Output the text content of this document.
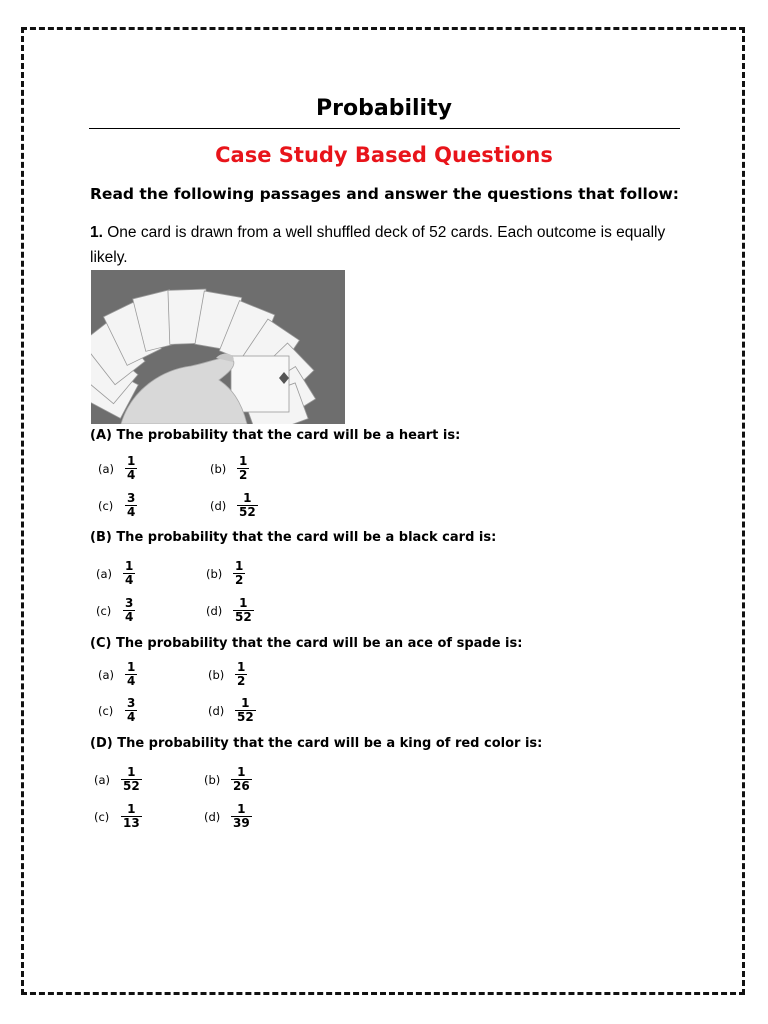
Probability
Case Study Based Questions
Read the following passages and answer the questions that follow:
1. One card is drawn from a well shuffled deck of 52 cards. Each outcome is equally likely.
(A) The probability that the card will be a heart is:
$(a) \frac{1}{4}$	$(b) \frac{1}{2}$
$(c) \frac{3}{4}$	$(d) \frac{1}{52}$
(B) The probability that the card will be a black card is:
$(a) \frac{1}{4}$	$(b) \frac{1}{2}$
$(c) \frac{3}{4}$	$(d) \frac{1}{52}$
(C) The probability that the card will be an ace of spade is:
$(a) \frac{1}{4}$	$(b) \frac{1}{2}$
$(c) \frac{3}{4}$	$(d) \frac{1}{52}$
(D) The probability that the card will be a king of red color is:
$(a) \frac{1}{52}$	$(b) \frac{1}{26}$
$(c) \frac{1}{13}$	$(d) \frac{1}{39}$
